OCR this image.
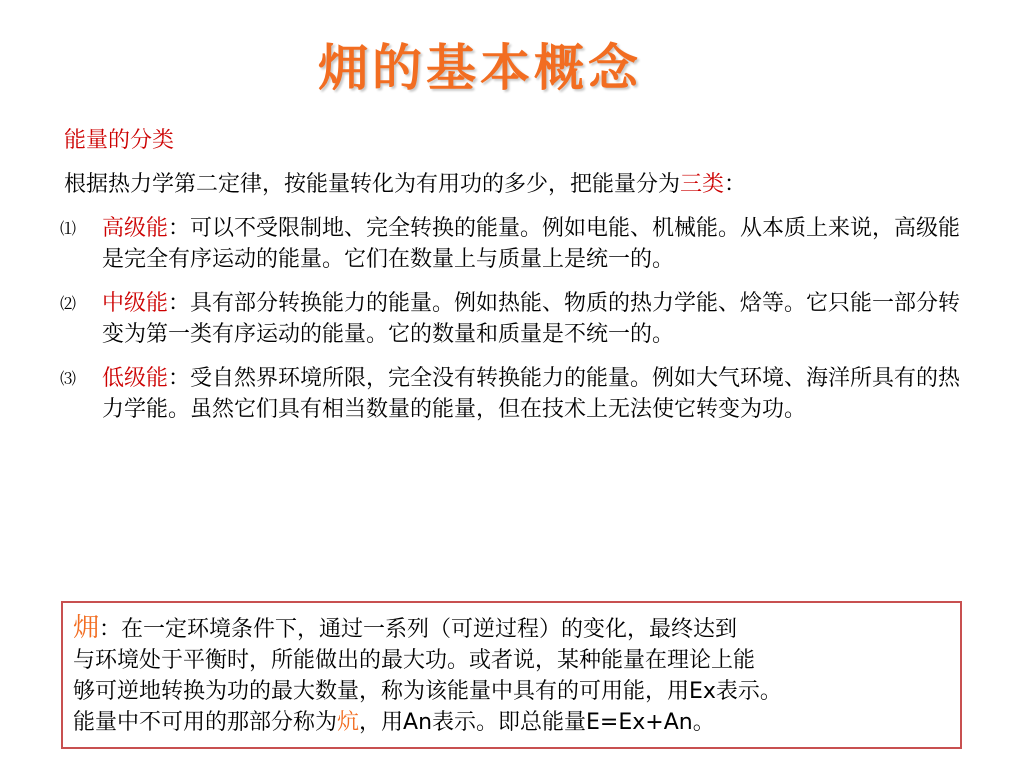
㶲的基本概念

能量的分类

根据热力学第二定律，按能量转化为有用功的多少，把能量分为三类：

⑴ 高级能：可以不受限制地、完全转换的能量。例如电能、机械能。从本质上来说，高级能是完全有序运动的能量。它们在数量上与质量上是统一的。
⑵ 中级能：具有部分转换能力的能量。例如热能、物质的热力学能、焓等。它只能一部分转变为第一类有序运动的能量。它的数量和质量是不统一的。
⑶ 低级能：受自然界环境所限，完全没有转换能力的能量。例如大气环境、海洋所具有的热力学能。虽然它们具有相当数量的能量，但在技术上无法使它转变为功。

㶲：在一定环境条件下，通过一系列（可逆过程）的变化，最终达到

与环境处于平衡时，所能做出的最大功。或者说，某种能量在理论上能

够可逆地转换为功的最大数量，称为该能量中具有的可用能，用Ex表示。

能量中不可用的那部分称为炕，用An表示。即总能量E=Ex+An。
